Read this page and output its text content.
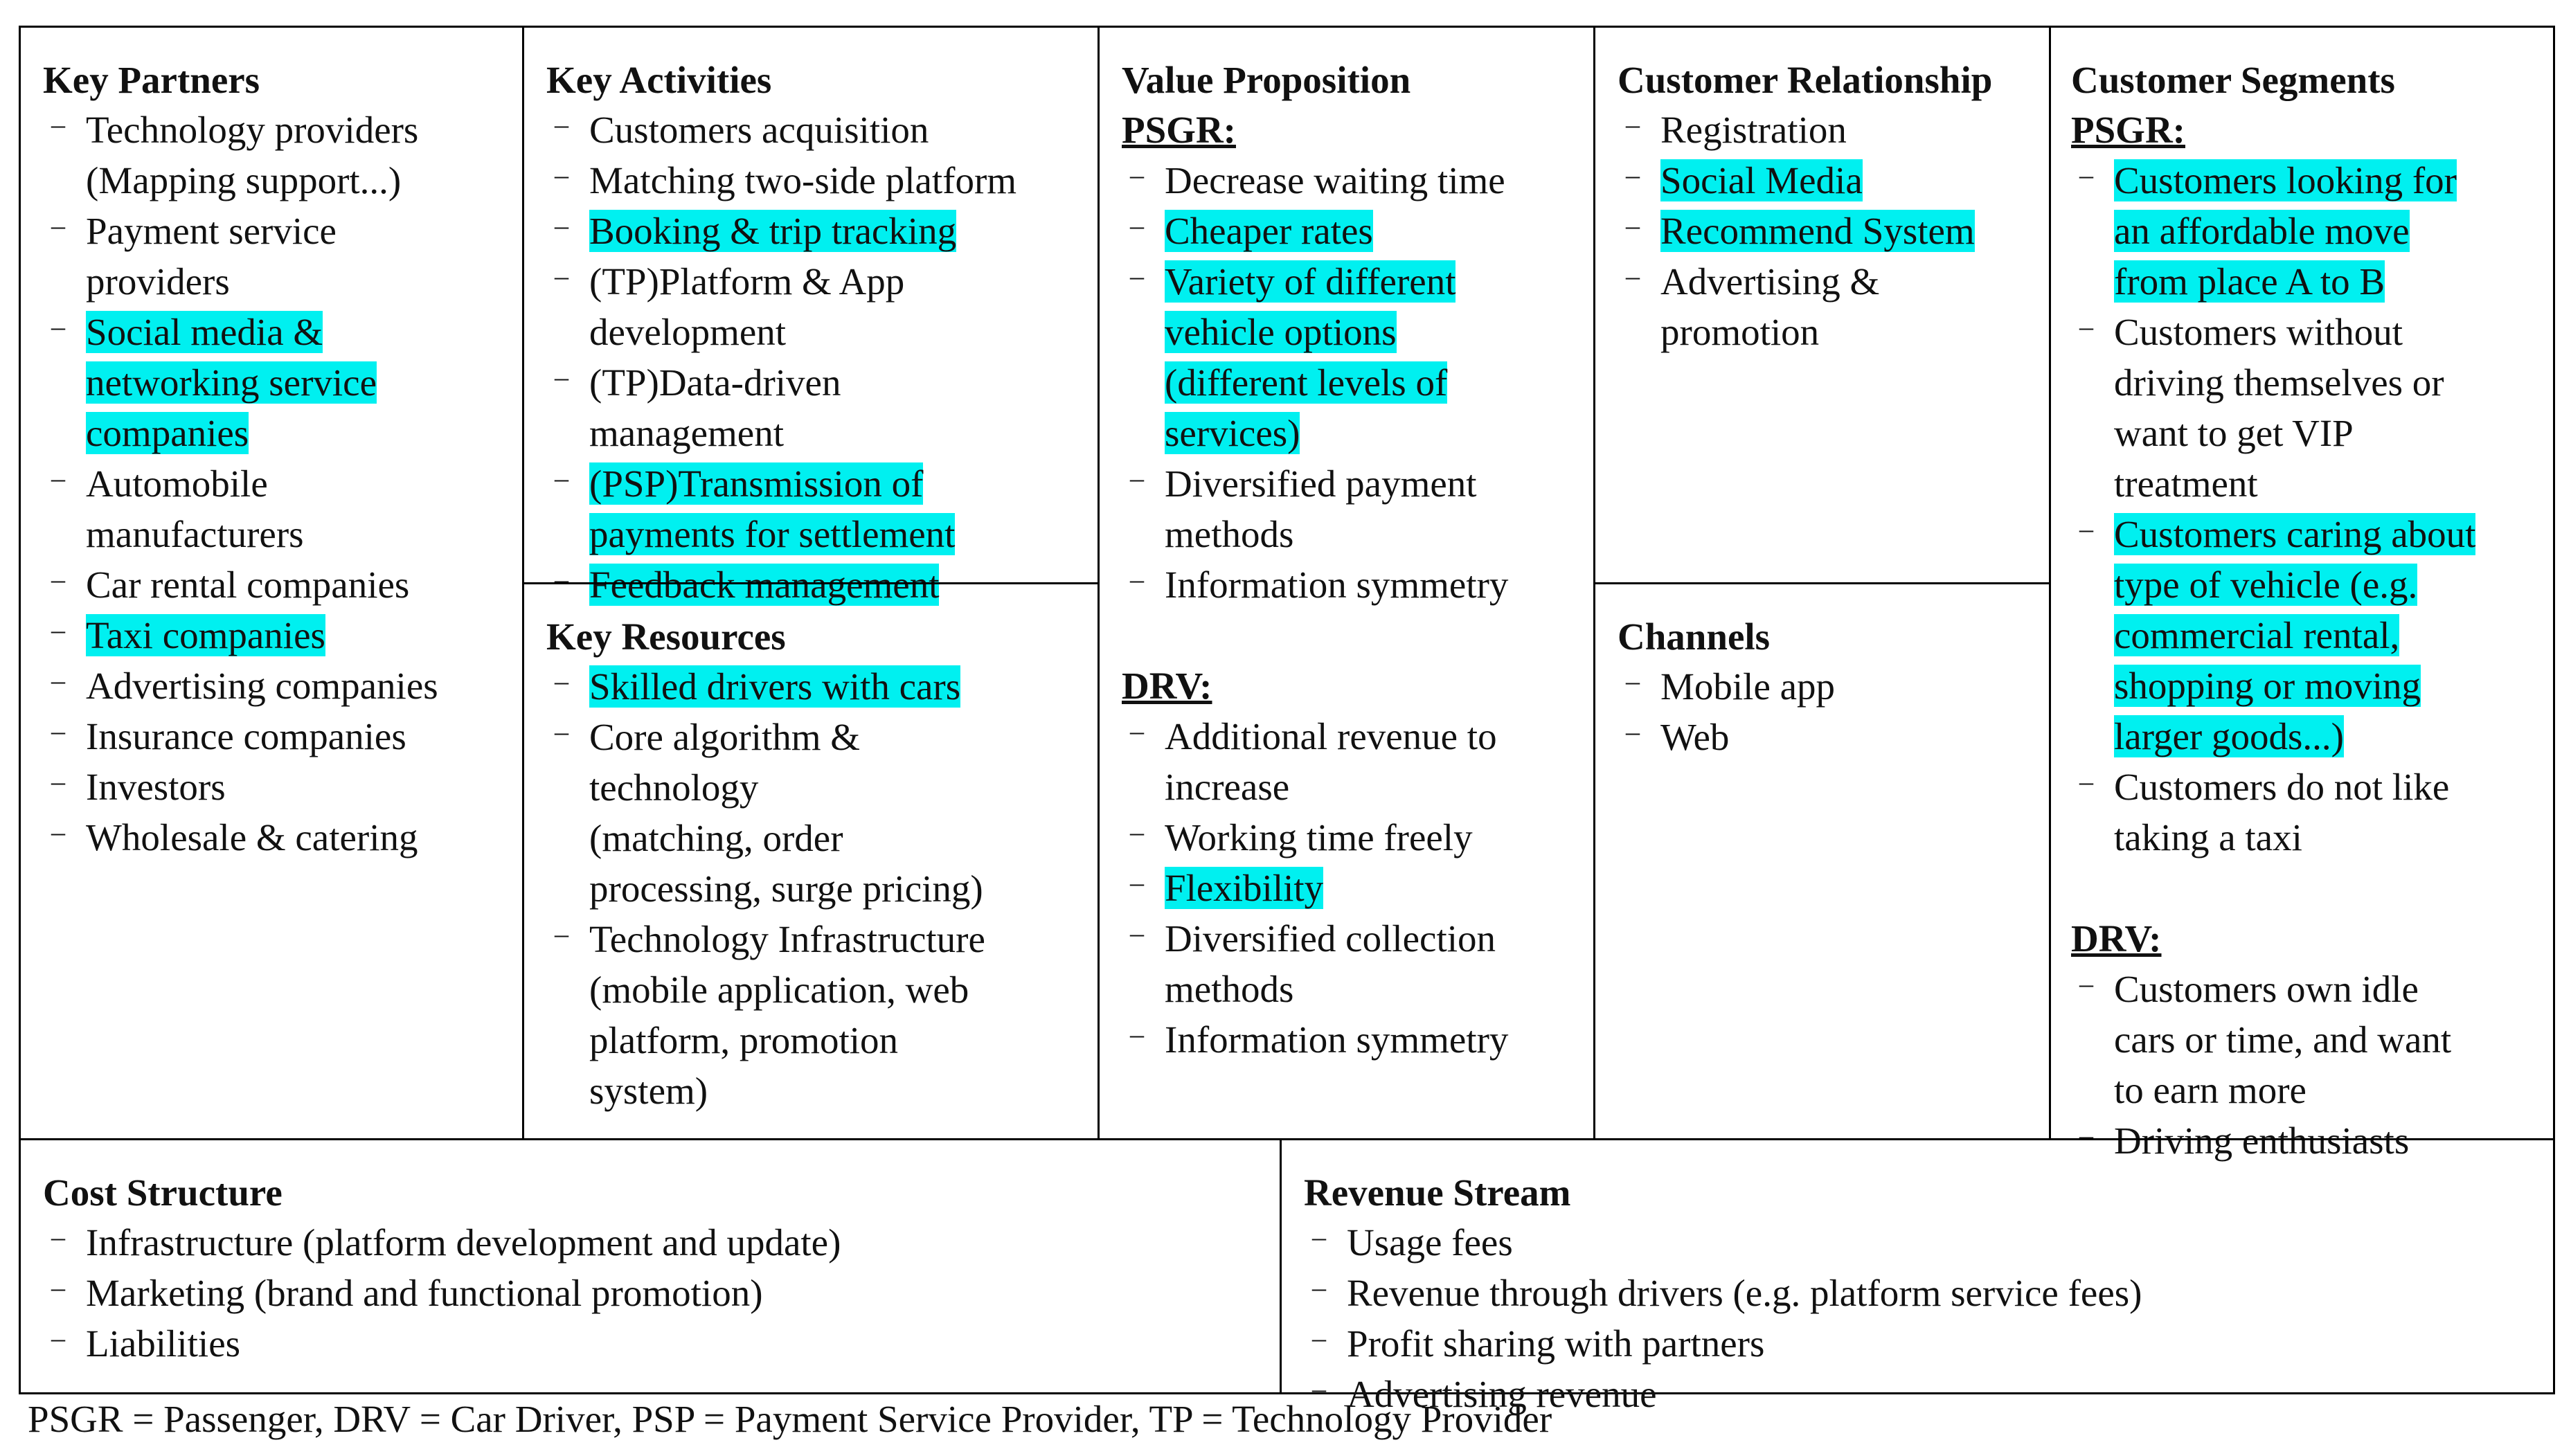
Key Partners
– Technology providers
(Mapping support...)
– Payment service
providers
– Social media &
networking service
companies
– Automobile
manufacturers
– Car rental companies
– Taxi companies
– Advertising companies
– Insurance companies
– Investors
– Wholesale & catering
Key Activities
– Customers acquisition
– Matching two-side platform
– Booking & trip tracking
– (TP)Platform & App
development
– (TP)Data-driven
management
– (PSP)Transmission of
payments for settlement
– Feedback management
Key Resources
– Skilled drivers with cars
– Core algorithm &
technology
(matching, order
processing, surge pricing)
– Technology Infrastructure
(mobile application, web
platform, promotion
system)
Value Proposition
PSGR:
– Decrease waiting time
– Cheaper rates
– Variety of different
vehicle options
(different levels of
services)
– Diversified payment
methods
– Information symmetry
DRV:
– Additional revenue to
increase
– Working time freely
– Flexibility
– Diversified collection
methods
– Information symmetry
Customer Relationship
– Registration
– Social Media
– Recommend System
– Advertising &
promotion
Channels
– Mobile app
– Web
Customer Segments
PSGR:
– Customers looking for
an affordable move
from place A to B
– Customers without
driving themselves or
want to get VIP
treatment
– Customers caring about
type of vehicle (e.g.
commercial rental,
shopping or moving
larger goods...)
– Customers do not like
taking a taxi
DRV:
– Customers own idle
cars or time, and want
to earn more
– Driving enthusiasts
Cost Structure
– Infrastructure (platform development and update)
– Marketing (brand and functional promotion)
– Liabilities
Revenue Stream
– Usage fees
– Revenue through drivers (e.g. platform service fees)
– Profit sharing with partners
– Advertising revenue
PSGR = Passenger, DRV = Car Driver, PSP = Payment Service Provider, TP = Technology Provider
